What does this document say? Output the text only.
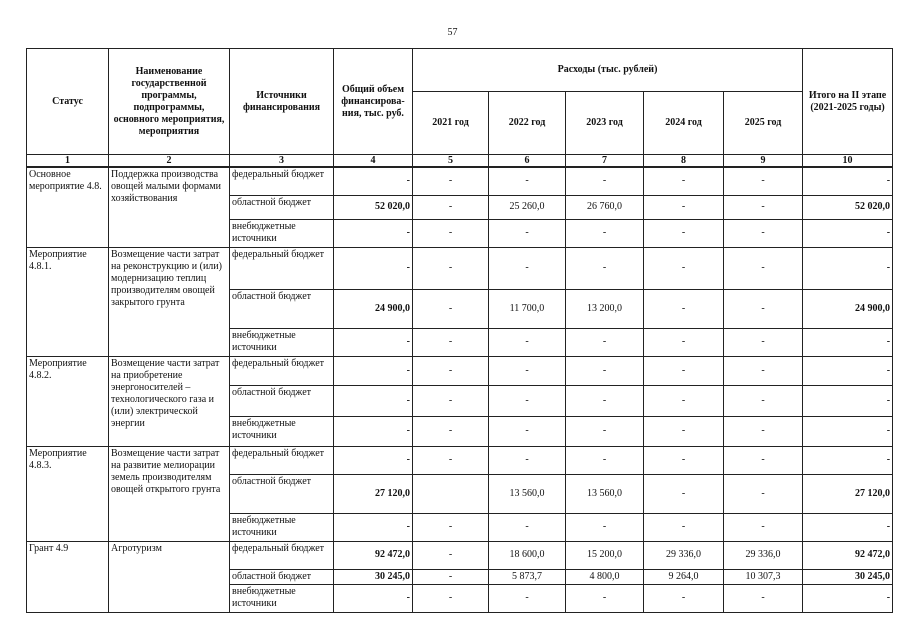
57
Статус	Наименование государственной программы, подпрограммы, основного мероприятия, мероприятия	Источники финансирования	Общий объем финансирова-ния, тыс. руб.	Расходы (тыс. рублей)					Итого на II этапе (2021-2025 годы)
				2021 год	2022 год	2023 год	2024 год	2025 год	
1	2	3	4	5	6	7	8	9	10
Основное мероприятие 4.8.	Поддержка производства овощей малыми формами хозяйствования	федеральный бюджет	-	-	-	-	-	-	-
		областной бюджет	52 020,0	-	25 260,0	26 760,0	-	-	52 020,0
		внебюджетные источники	-	-	-	-	-	-	-
Мероприятие 4.8.1.	Возмещение части затрат на реконструкцию и (или) модернизацию теплиц производителям овощей закрытого грунта	федеральный бюджет	-	-	-	-	-	-	-
		областной бюджет	24 900,0	-	11 700,0	13 200,0	-	-	24 900,0
		внебюджетные источники	-	-	-	-	-	-	-
Мероприятие 4.8.2.	Возмещение части затрат на приобретение энергоносителей – технологического газа и (или) электрической энергии	федеральный бюджет	-	-	-	-	-	-	-
		областной бюджет	-	-	-	-	-	-	-
		внебюджетные источники	-	-	-	-	-	-	-
Мероприятие 4.8.3.	Возмещение части затрат на развитие мелиорации земель производителям овощей открытого грунта	федеральный бюджет	-	-	-	-	-	-	-
		областной бюджет	27 120,0		13 560,0	13 560,0	-	-	27 120,0
		внебюджетные источники	-	-	-	-	-	-	-
Грант 4.9	Агротуризм	федеральный бюджет	92 472,0	-	18 600,0	15 200,0	29 336,0	29 336,0	92 472,0
		областной бюджет	30 245,0	-	5 873,7	4 800,0	9 264,0	10 307,3	30 245,0
		внебюджетные источники	-	-	-	-	-	-	-
